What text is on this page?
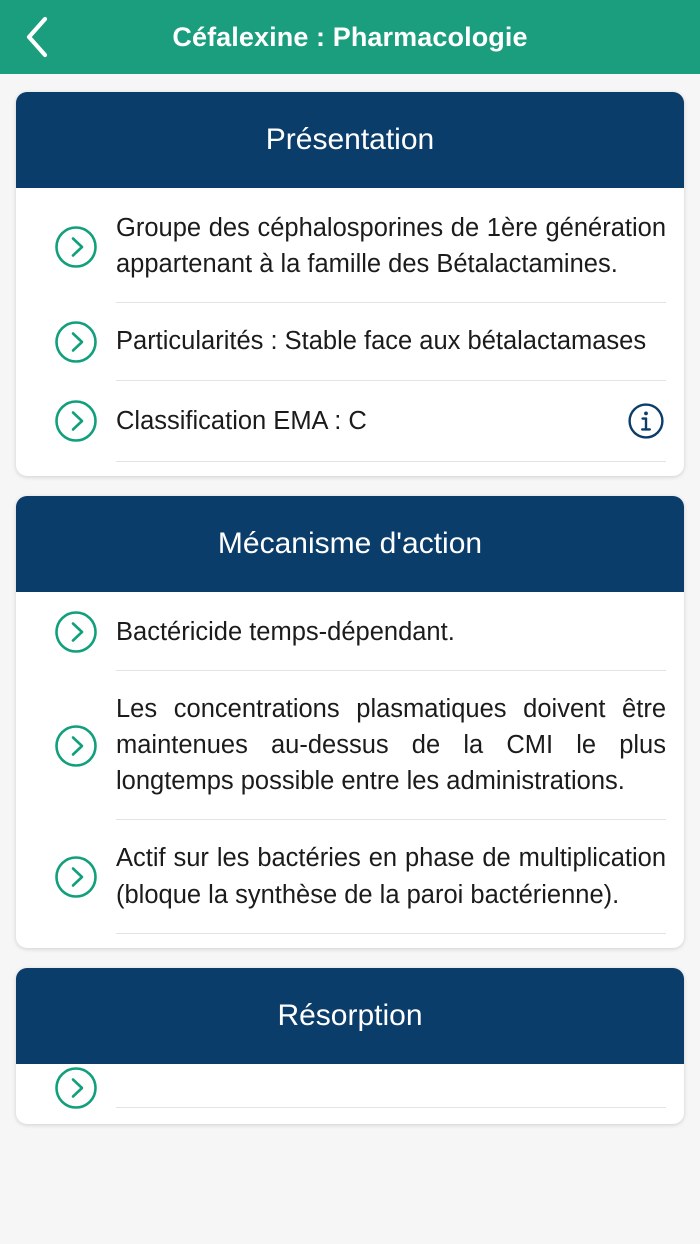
Céfalexine : Pharmacologie
Présentation
Groupe des céphalosporines de 1ère génération appartenant à la famille des Bétalactamines.
Particularités : Stable face aux bétalactamases
Classification EMA : C
Mécanisme d'action
Bactéricide temps-dépendant.
Les concentrations plasmatiques doivent être maintenues au-dessus de la CMI le plus longtemps possible entre les administrations.
Actif sur les bactéries en phase de multiplication (bloque la synthèse de la paroi bactérienne).
Résorption
